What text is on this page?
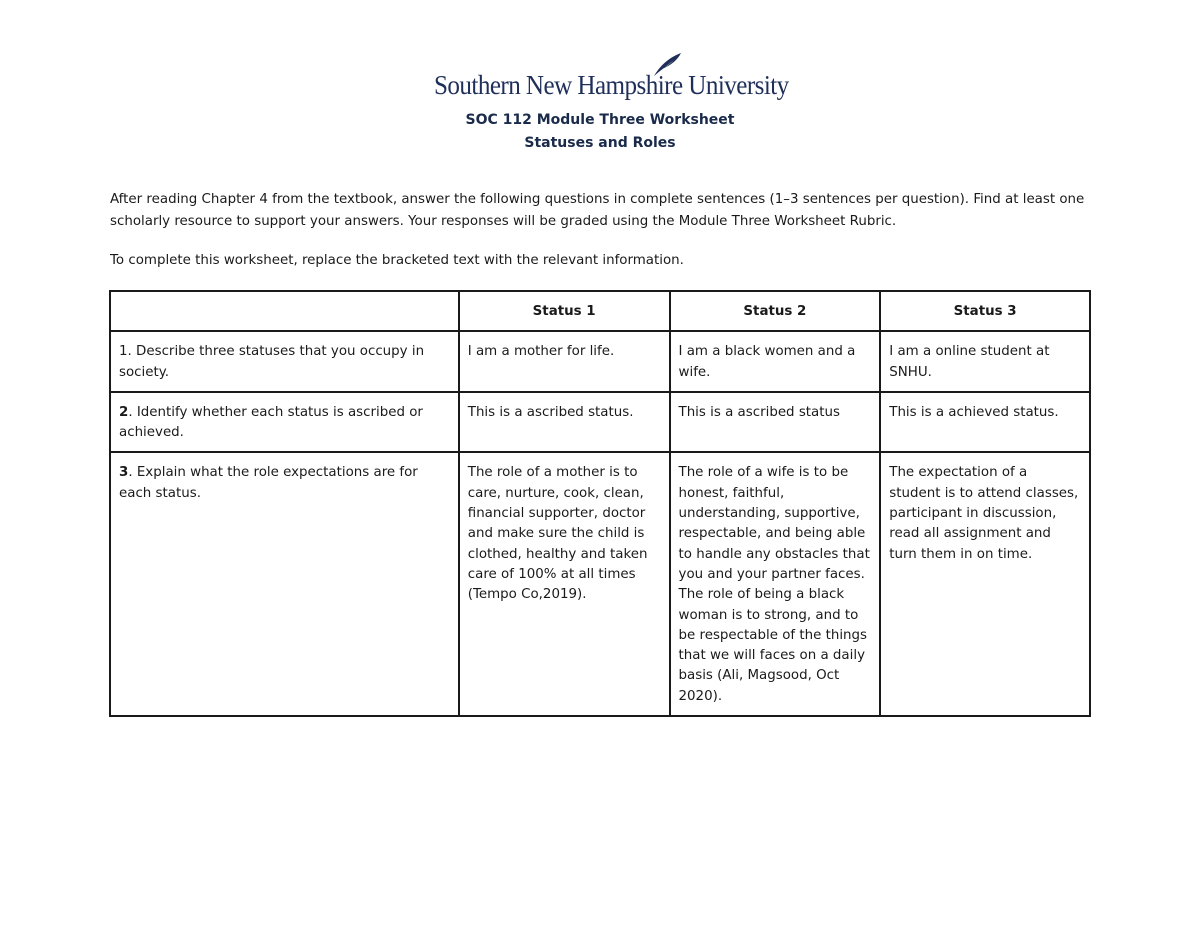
Southern New Hampshire University
SOC 112 Module Three Worksheet
Statuses and Roles

After reading Chapter 4 from the textbook, answer the following questions in complete sentences (1–3 sentences per question). Find at least one scholarly resource to support your answers. Your responses will be graded using the Module Three Worksheet Rubric.

To complete this worksheet, replace the bracketed text with the relevant information.

	Status 1	Status 2	Status 3
1. Describe three statuses that you occupy in society.	I am a mother for life.	I am a black women and a wife.	I am a online student at SNHU.
2. Identify whether each status is ascribed or achieved.	This is a ascribed status.	This is a ascribed status	This is a achieved status.
3. Explain what the role expectations are for each status.	The role of a mother is to care, nurture, cook, clean, financial supporter, doctor and make sure the child is clothed, healthy and taken care of 100% at all times (Tempo Co,2019).	The role of a wife is to be honest, faithful, understanding, supportive, respectable, and being able to handle any obstacles that you and your partner faces. The role of being a black woman is to strong, and to be respectable of the things that we will faces on a daily basis (Ali, Magsood, Oct 2020).	The expectation of a student is to attend classes, participant in discussion, read all assignment and turn them in on time.
